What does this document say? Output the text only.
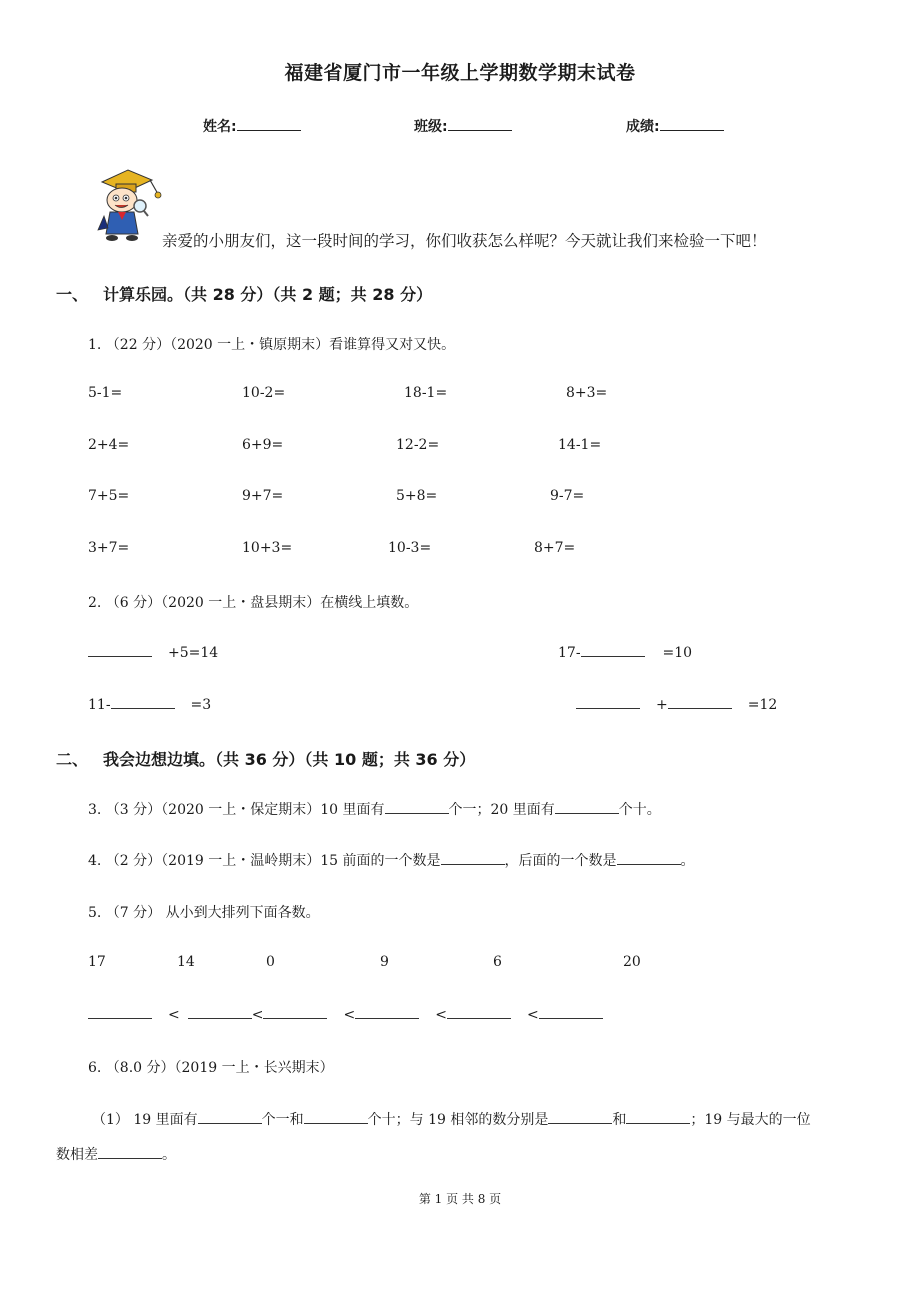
福建省厦门市一年级上学期数学期末试卷
姓名:	班级:	成绩:
亲爱的小朋友们，这一段时间的学习，你们收获怎么样呢？今天就让我们来检验一下吧！
一、 计算乐园。（共 28 分）（共 2 题；共 28 分）
1. （22 分）（2020 一上・镇原期末）看谁算得又对又快。
5-1=	10-2=	18-1=	8+3=
2+4=	6+9=	12-2=	14-1=
7+5=	9+7=	5+8=	9-7=
3+7=	10+3=	10-3=	8+7=
2. （6 分）（2020 一上・盘县期末）在横线上填数。
+5=14	17-	=10
11-	=3	+	=12
二、 我会边想边填。（共 36 分）（共 10 题；共 36 分）
3. （3 分）（2020 一上・保定期末）10 里面有	个一；20 里面有	个十。
4. （2 分）（2019 一上・温岭期末）15 前面的一个数是	，后面的一个数是	。
5. （7 分） 从小到大排列下面各数。
17	14	0	9	6	20
<	<	<	<	<
6. （8.0 分）（2019 一上・长兴期末）
（1） 19 里面有	个一和	个十；与 19 相邻的数分别是	和	；19 与最大的一位
数相差	。
第 1 页 共 8 页
